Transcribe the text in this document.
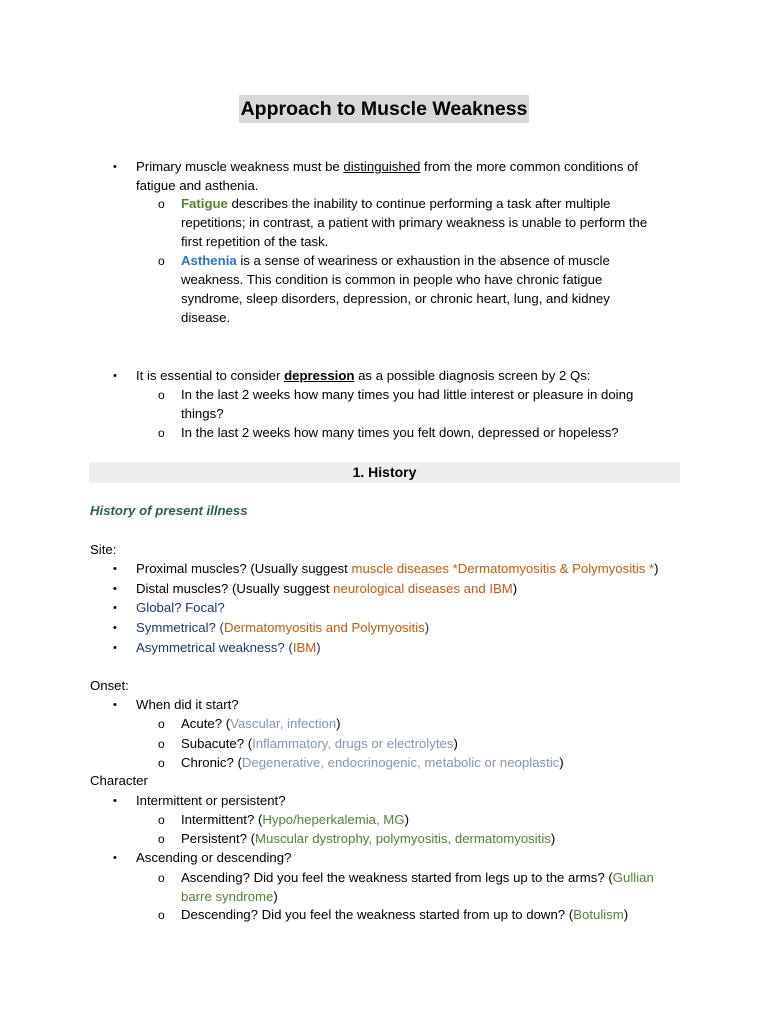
Approach to Muscle Weakness
• Primary muscle weakness must be distinguished from the more common conditions of
fatigue and asthenia.
o Fatigue describes the inability to continue performing a task after multiple
repetitions; in contrast, a patient with primary weakness is unable to perform the
first repetition of the task.
o Asthenia is a sense of weariness or exhaustion in the absence of muscle
weakness. This condition is common in people who have chronic fatigue
syndrome, sleep disorders, depression, or chronic heart, lung, and kidney
disease.
• It is essential to consider depression as a possible diagnosis screen by 2 Qs:
o In the last 2 weeks how many times you had little interest or pleasure in doing
things?
o In the last 2 weeks how many times you felt down, depressed or hopeless?
1. History
History of present illness
Site:
• Proximal muscles? (Usually suggest muscle diseases *Dermatomyositis & Polymyositis *)
• Distal muscles? (Usually suggest neurological diseases and IBM)
• Global? Focal?
• Symmetrical? (Dermatomyositis and Polymyositis)
• Asymmetrical weakness? (IBM)
Onset:
• When did it start?
o Acute? (Vascular, infection)
o Subacute? (Inflammatory, drugs or electrolytes)
o Chronic? (Degenerative, endocrinogenic, metabolic or neoplastic)
Character
• Intermittent or persistent?
o Intermittent? (Hypo/heperkalemia, MG)
o Persistent? (Muscular dystrophy, polymyositis, dermatomyositis)
• Ascending or descending?
o Ascending? Did you feel the weakness started from legs up to the arms? (Gullian
barre syndrome)
o Descending? Did you feel the weakness started from up to down? (Botulism)
